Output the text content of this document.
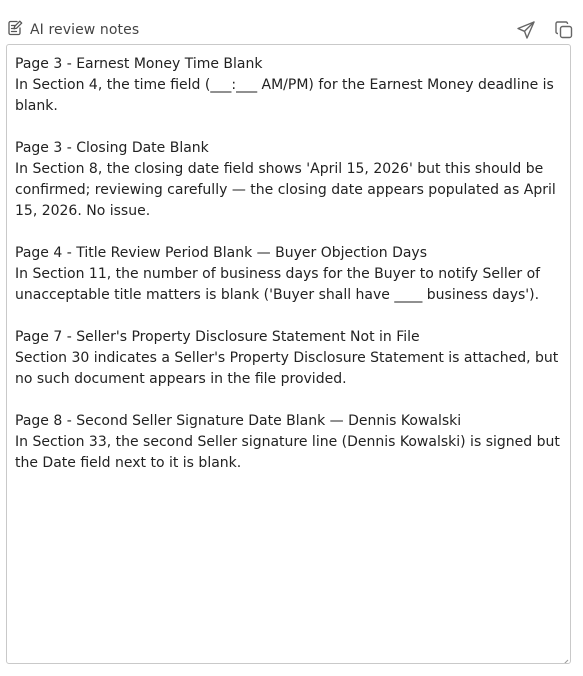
AI review notes
Page 3 - Earnest Money Time Blank
In Section 4, the time field (___:___ AM/PM) for the Earnest Money deadline is blank.
Page 3 - Closing Date Blank
In Section 8, the closing date field shows 'April 15, 2026' but this should be confirmed; reviewing carefully — the closing date appears populated as April 15, 2026. No issue.
Page 4 - Title Review Period Blank — Buyer Objection Days
In Section 11, the number of business days for the Buyer to notify Seller of unacceptable title matters is blank ('Buyer shall have ____ business days').
Page 7 - Seller's Property Disclosure Statement Not in File
Section 30 indicates a Seller's Property Disclosure Statement is attached, but no such document appears in the file provided.
Page 8 - Second Seller Signature Date Blank — Dennis Kowalski
In Section 33, the second Seller signature line (Dennis Kowalski) is signed but the Date field next to it is blank.
